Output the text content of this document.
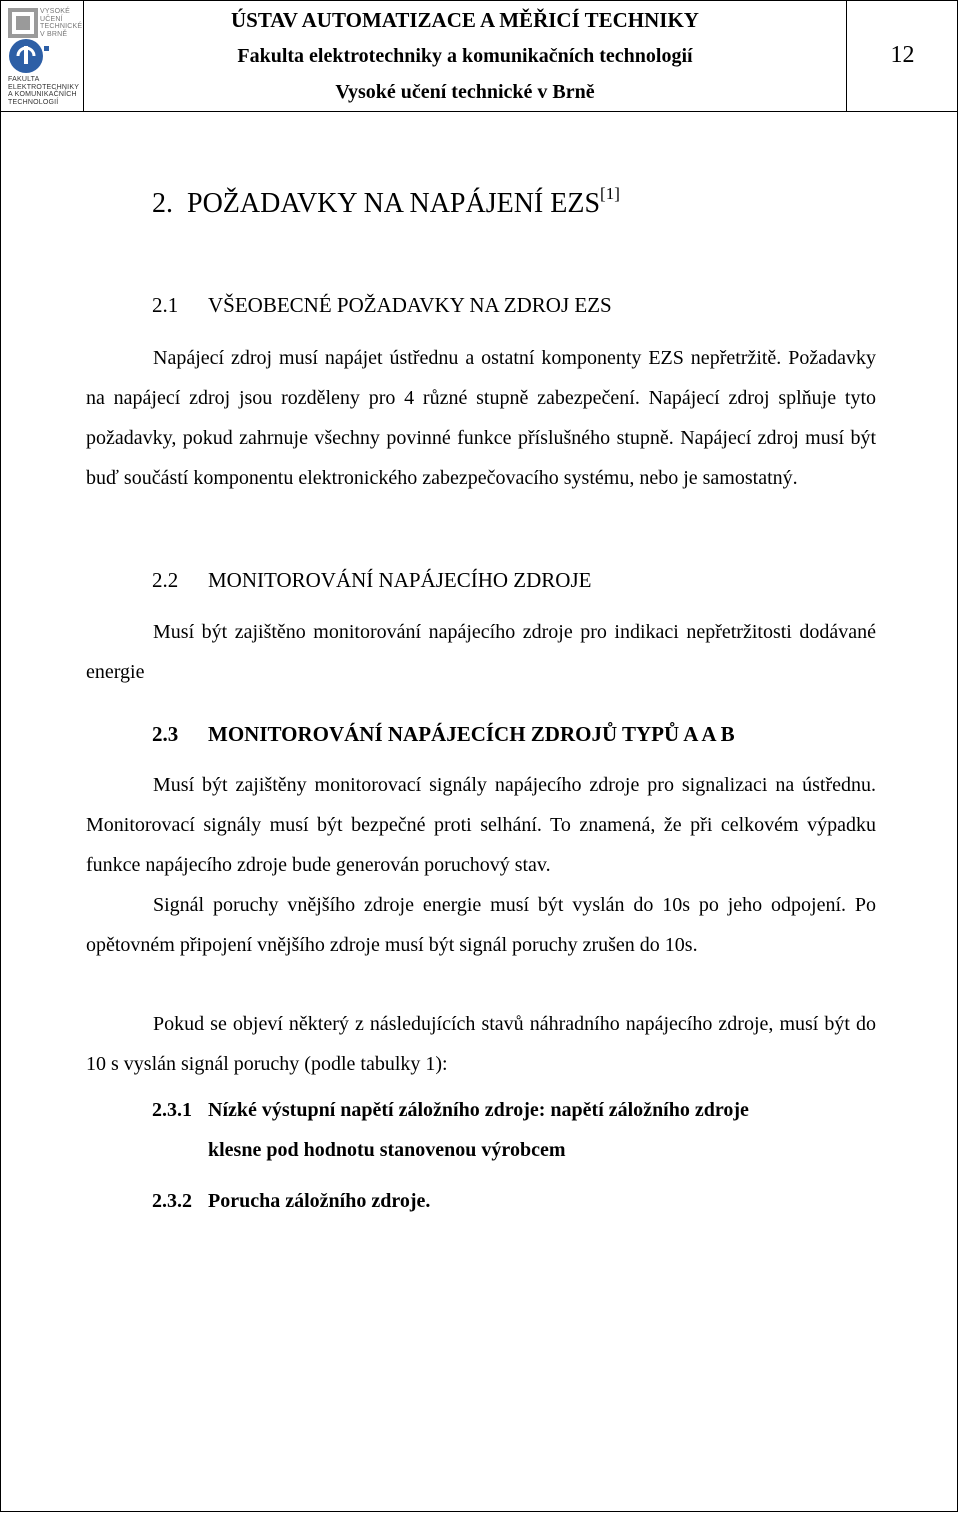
VYSOKÉ
UČENÍ
TECHNICKÉ
V BRNĚ
FAKULTA
ELEKTROTECHNIKY
A KOMUNIKAČNÍCH
TECHNOLOGIÍ
ÚSTAV AUTOMATIZACE A MĚŘICÍ TECHNIKY
Fakulta elektrotechniky a komunikačních technologií
Vysoké učení technické v Brně
12
2. POŽADAVKY NA NAPÁJENÍ EZS[1]
2.1 VŠEOBECNÉ POŽADAVKY NA ZDROJ EZS
Napájecí zdroj musí napájet ústřednu a ostatní komponenty EZS nepřetržitě. Požadavky na napájecí zdroj jsou rozděleny pro 4 různé stupně zabezpečení. Napájecí zdroj splňuje tyto požadavky, pokud zahrnuje všechny povinné funkce příslušného stupně. Napájecí zdroj musí být buď součástí komponentu elektronického zabezpečovacího systému, nebo je samostatný.
2.2 MONITOROVÁNÍ NAPÁJECÍHO ZDROJE
Musí být zajištěno monitorování napájecího zdroje pro indikaci nepřetržitosti dodávané energie
2.3 MONITOROVÁNÍ NAPÁJECÍCH ZDROJŮ TYPŮ A A B
Musí být zajištěny monitorovací signály napájecího zdroje pro signalizaci na ústřednu. Monitorovací signály musí být bezpečné proti selhání. To znamená, že při celkovém výpadku funkce napájecího zdroje bude generován poruchový stav.
Signál poruchy vnějšího zdroje energie musí být vyslán do 10s po jeho odpojení. Po opětovném připojení vnějšího zdroje musí být signál poruchy zrušen do 10s.
Pokud se objeví některý z následujících stavů náhradního napájecího zdroje, musí být do 10 s vyslán signál poruchy (podle tabulky 1):
2.3.1 Nízké výstupní napětí záložního zdroje: napětí záložního zdroje
klesne pod hodnotu stanovenou výrobcem
2.3.2 Porucha záložního zdroje.
